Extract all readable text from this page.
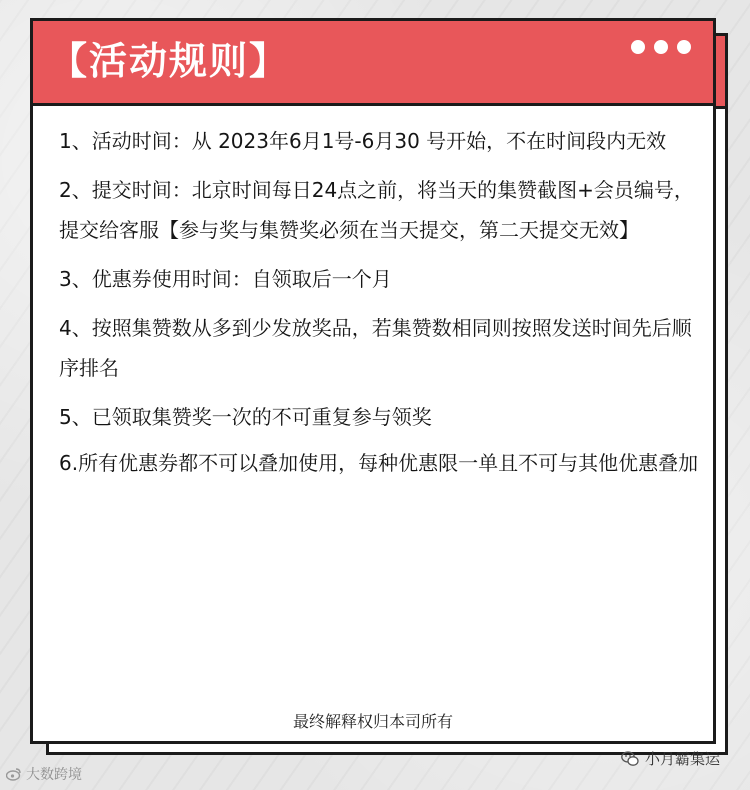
【活动规则】
1、活动时间：从 2023年6月1号-6月30 号开始，不在时间段内无效
2、提交时间：北京时间每日24点之前，将当天的集赞截图+会员编号，提交给客服【参与奖与集赞奖必须在当天提交，第二天提交无效】
3、优惠券使用时间：自领取后一个月
4、按照集赞数从多到少发放奖品，若集赞数相同则按照发送时间先后顺序排名
5、已领取集赞奖一次的不可重复参与领奖
6.所有优惠券都不可以叠加使用，每种优惠限一单且不可与其他优惠叠加
最终解释权归本司所有
大数跨境
小月霸集运
